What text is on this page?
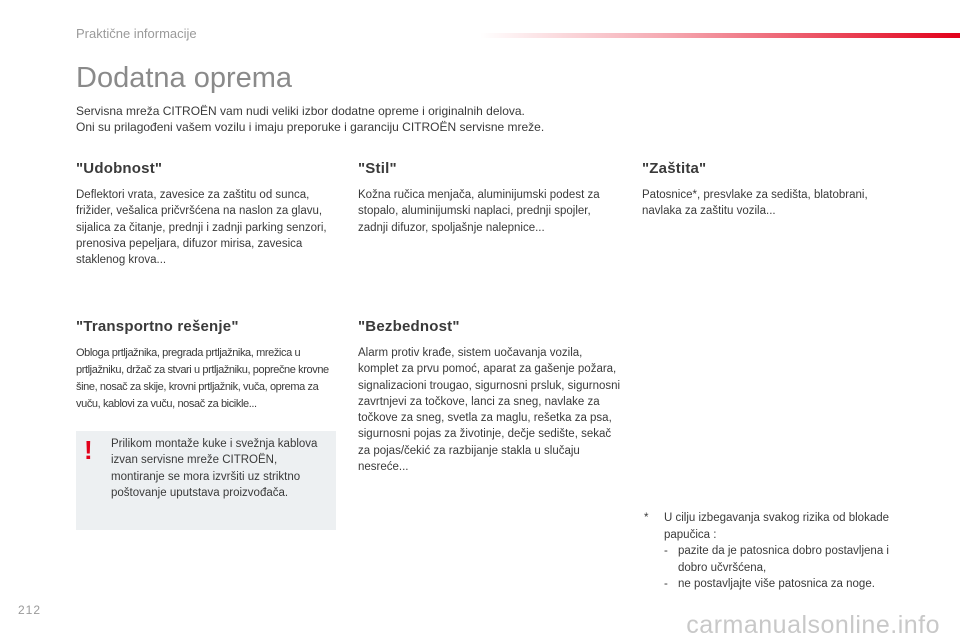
Praktične informacije
Dodatna oprema
Servisna mreža CITROËN vam nudi veliki izbor dodatne opreme i originalnih delova.
Oni su prilagođeni vašem vozilu i imaju preporuke i garanciju CITROËN servisne mreže.
"Udobnost"

Deflektori vrata, zavesice za zaštitu od sunca, frižider, vešalica pričvršćena na naslon za glavu, sijalica za čitanje, prednji i zadnji parking senzori, prenosiva pepeljara, difuzor mirisa, zavesica staklenog krova...

"Stil"

Kožna ručica menjača, aluminijumski podest za stopalo, aluminijumski naplaci, prednji spojler, zadnji difuzor, spoljašnje nalepnice...

"Zaštita"

Patosnice*, presvlake za sedišta, blatobrani, navlaka za zaštitu vozila...

"Transportno rešenje"

Obloga prtljažnika, pregrada prtljažnika, mrežica u prtljažniku, držač za stvari u prtljažniku, poprečne krovne šine, nosač za skije, krovni prtljažnik, vuča, oprema za vuču, kablovi za vuču, nosač za bicikle...

"Bezbednost"

Alarm protiv krađe, sistem uočavanja vozila, komplet za prvu pomoć, aparat za gašenje požara, signalizacioni trougao, sigurnosni prsluk, sigurnosni zavrtnjevi za točkove, lanci za sneg, navlake za točkove za sneg, svetla za maglu, rešetka za psa, sigurnosni pojas za životinje, dečje sedište, sekač za pojas/čekić za razbijanje stakla u slučaju nesreće...

! Prilikom montaže kuke i svežnja kablova izvan servisne mreže CITROËN, montiranje se mora izvršiti uz striktno poštovanje uputstava proizvođača.

* U cilju izbegavanja svakog rizika od blokade papučica :
- pazite da je patosnica dobro postavljena i dobro učvršćena,
- ne postavljajte više patosnica za noge.
212
carmanualsonline.info
